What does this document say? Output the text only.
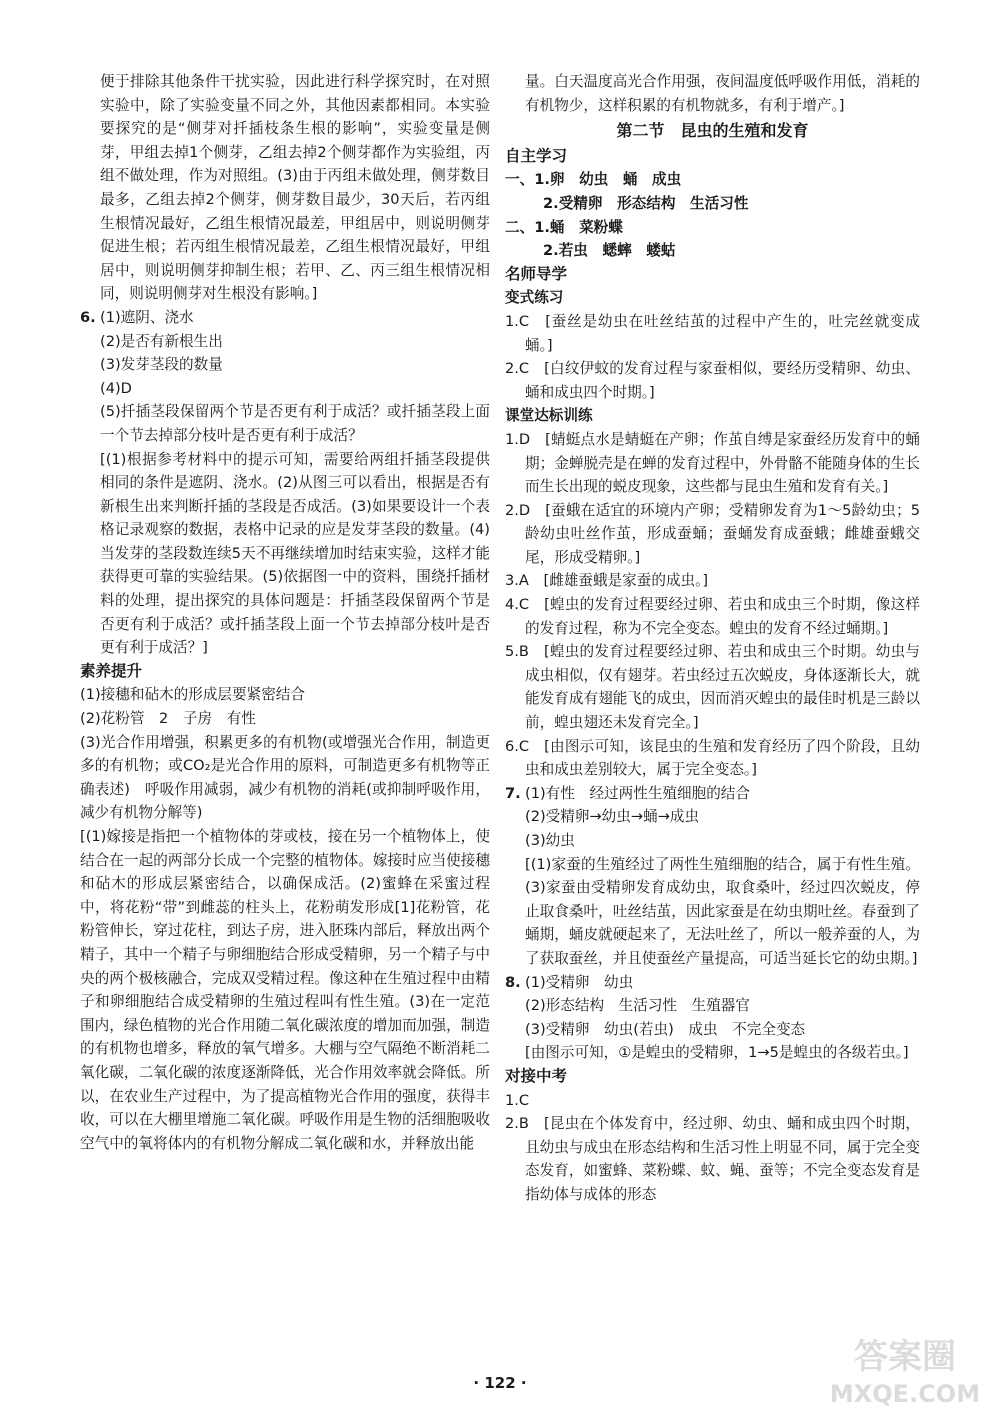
便于排除其他条件干扰实验，因此进行科学探究时，在对照实验中，除了实验变量不同之外，其他因素都相同。本实验要探究的是“侧芽对扦插枝条生根的影响”，实验变量是侧芽，甲组去掉1个侧芽，乙组去掉2个侧芽都作为实验组，丙组不做处理，作为对照组。(3)由于丙组未做处理，侧芽数目最多，乙组去掉2个侧芽，侧芽数目最少，30天后，若丙组生根情况最好，乙组生根情况最差，甲组居中，则说明侧芽促进生根；若丙组生根情况最差，乙组生根情况最好，甲组居中，则说明侧芽抑制生根；若甲、乙、丙三组生根情况相同，则说明侧芽对生根没有影响。]

6. (1)遮阴、浇水

(2)是否有新根生出

(3)发芽茎段的数量

(4)D

(5)扦插茎段保留两个节是否更有利于成活？或扦插茎段上面一个节去掉部分枝叶是否更有利于成活？

[(1)根据参考材料中的提示可知，需要给两组扦插茎段提供相同的条件是遮阴、浇水。(2)从图三可以看出，根据是否有新根生出来判断扦插的茎段是否成活。(3)如果要设计一个表格记录观察的数据，表格中记录的应是发芽茎段的数量。(4)当发芽的茎段数连续5天不再继续增加时结束实验，这样才能获得更可靠的实验结果。(5)依据图一中的资料，围绕扦插材料的处理，提出探究的具体问题是：扦插茎段保留两个节是否更有利于成活？或扦插茎段上面一个节去掉部分枝叶是否更有利于成活？]

素养提升

(1)接穗和砧木的形成层要紧密结合

(2)花粉管　2　子房　有性

(3)光合作用增强，积累更多的有机物(或增强光合作用，制造更多的有机物；或CO₂是光合作用的原料，可制造更多有机物等正确表述)　呼吸作用减弱，减少有机物的消耗(或抑制呼吸作用，减少有机物分解等)

[(1)嫁接是指把一个植物体的芽或枝，接在另一个植物体上，使结合在一起的两部分长成一个完整的植物体。嫁接时应当使接穗和砧木的形成层紧密结合，以确保成活。(2)蜜蜂在采蜜过程中，将花粉“带”到雌蕊的柱头上，花粉萌发形成[1]花粉管，花粉管伸长，穿过花柱，到达子房，进入胚珠内部后，释放出两个精子，其中一个精子与卵细胞结合形成受精卵，另一个精子与中央的两个极核融合，完成双受精过程。像这种在生殖过程中由精子和卵细胞结合成受精卵的生殖过程叫有性生殖。(3)在一定范围内，绿色植物的光合作用随二氧化碳浓度的增加而加强，制造的有机物也增多，释放的氧气增多。大棚与空气隔绝不断消耗二氧化碳，二氧化碳的浓度逐渐降低，光合作用效率就会降低。所以，在农业生产过程中，为了提高植物光合作用的强度，获得丰收，可以在大棚里增施二氧化碳。呼吸作用是生物的活细胞吸收空气中的氧将体内的有机物分解成二氧化碳和水，并释放出能

量。白天温度高光合作用强，夜间温度低呼吸作用低，消耗的有机物少，这样积累的有机物就多，有利于增产。]

第二节　昆虫的生殖和发育
自主学习

一、1.卵　幼虫　蛹　成虫

2.受精卵　形态结构　生活习性

二、1.蛹　菜粉蝶

2.若虫　蟋蟀　蝼蛄

名师导学
变式练习

1.C　[蚕丝是幼虫在吐丝结茧的过程中产生的，吐完丝就变成蛹。]

2.C　[白纹伊蚊的发育过程与家蚕相似，要经历受精卵、幼虫、蛹和成虫四个时期。]

课堂达标训练

1.D　[蜻蜓点水是蜻蜓在产卵；作茧自缚是家蚕经历发育中的蛹期；金蝉脱壳是在蝉的发育过程中，外骨骼不能随身体的生长而生长出现的蜕皮现象，这些都与昆虫生殖和发育有关。]

2.D　[蚕蛾在适宜的环境内产卵；受精卵发育为1～5龄幼虫；5龄幼虫吐丝作茧，形成蚕蛹；蚕蛹发育成蚕蛾；雌雄蚕蛾交尾，形成受精卵。]

3.A　[雌雄蚕蛾是家蚕的成虫。]

4.C　[蝗虫的发育过程要经过卵、若虫和成虫三个时期，像这样的发育过程，称为不完全变态。蝗虫的发育不经过蛹期。]

5.B　[蝗虫的发育过程要经过卵、若虫和成虫三个时期。幼虫与成虫相似，仅有翅芽。若虫经过五次蜕皮，身体逐渐长大，就能发育成有翅能飞的成虫，因而消灭蝗虫的最佳时机是三龄以前，蝗虫翅还未发育完全。]

6.C　[由图示可知，该昆虫的生殖和发育经历了四个阶段，且幼虫和成虫差别较大，属于完全变态。]

7. (1)有性　经过两性生殖细胞的结合

(2)受精卵→幼虫→蛹→成虫

(3)幼虫

[(1)家蚕的生殖经过了两性生殖细胞的结合，属于有性生殖。(3)家蚕由受精卵发育成幼虫，取食桑叶，经过四次蜕皮，停止取食桑叶，吐丝结茧，因此家蚕是在幼虫期吐丝。春蚕到了蛹期，蛹皮就硬起来了，无法吐丝了，所以一般养蚕的人，为了获取蚕丝，并且使蚕丝产量提高，可适当延长它的幼虫期。]

8. (1)受精卵　幼虫

(2)形态结构　生活习性　生殖器官

(3)受精卵　幼虫(若虫)　成虫　不完全变态

[由图示可知，①是蝗虫的受精卵，1→5是蝗虫的各级若虫。]

对接中考

1.C

2.B　[昆虫在个体发育中，经过卵、幼虫、蛹和成虫四个时期，且幼虫与成虫在形态结构和生活习性上明显不同，属于完全变态发育，如蜜蜂、菜粉蝶、蚊、蝇、蚕等；不完全变态发育是指幼体与成体的形态

· 122 ·
答案圈
MXQE.COM
